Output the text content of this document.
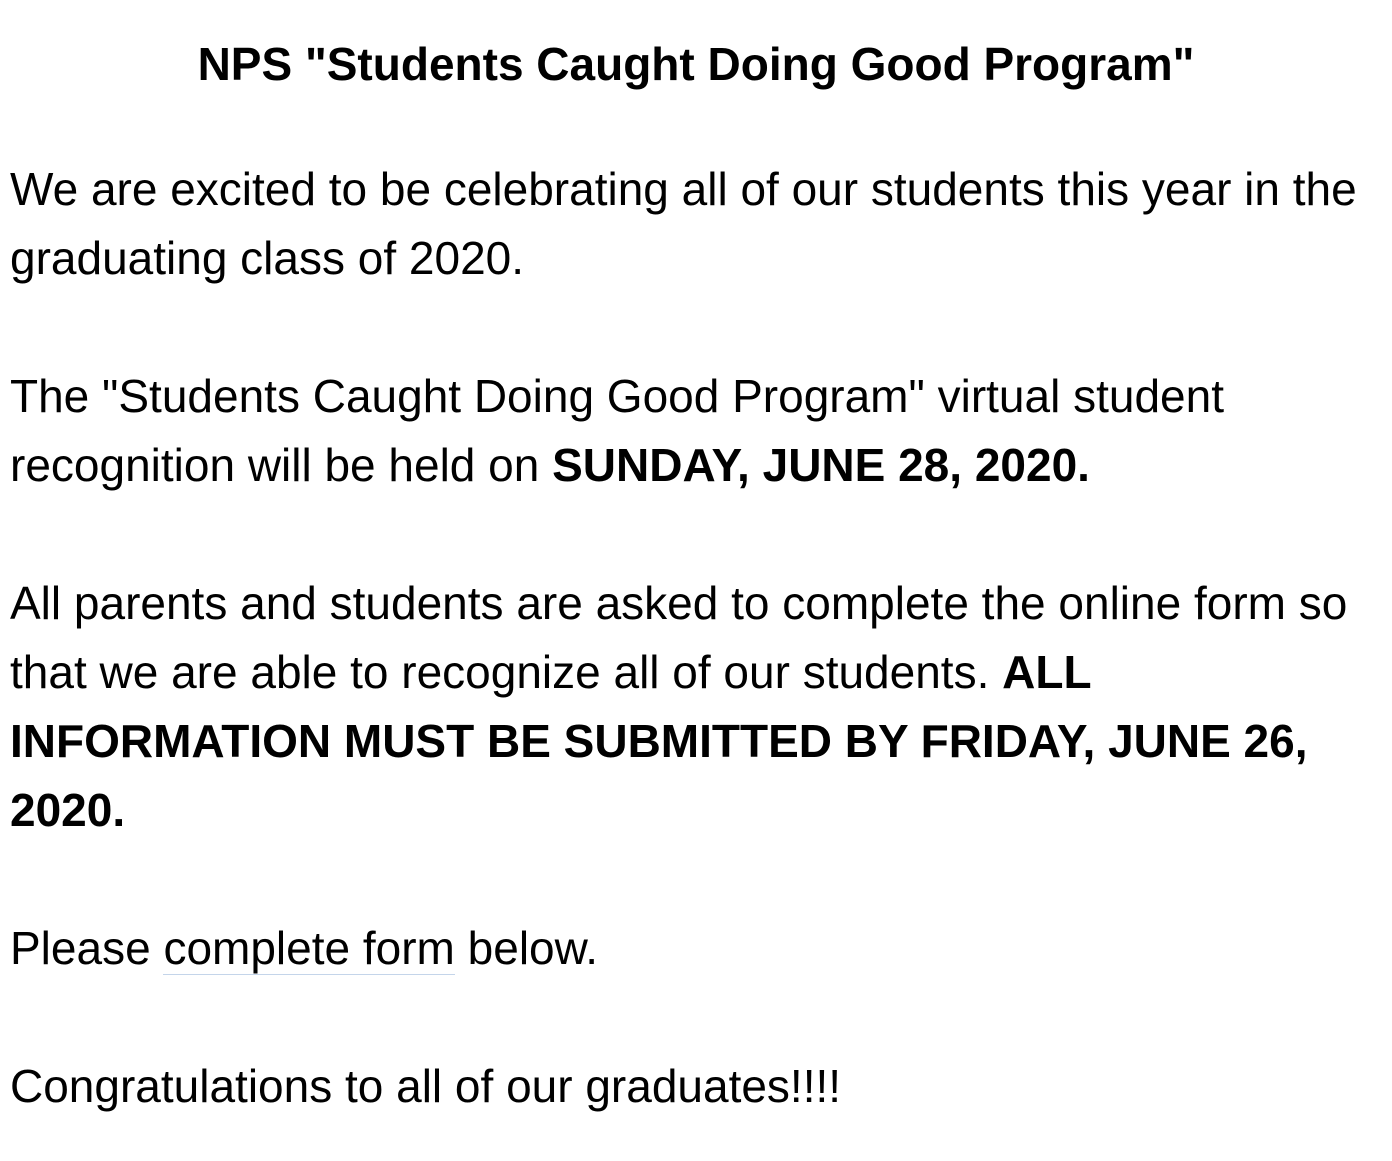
NPS "Students Caught Doing Good Program"

We are excited to be celebrating all of our students this year in the graduating class of 2020.

The "Students Caught Doing Good Program" virtual student recognition will be held on SUNDAY, JUNE 28, 2020.

All parents and students are asked to complete the online form so that we are able to recognize all of our students. ALL INFORMATION MUST BE SUBMITTED BY FRIDAY, JUNE 26, 2020.

Please complete form below.

Congratulations to all of our graduates!!!!
